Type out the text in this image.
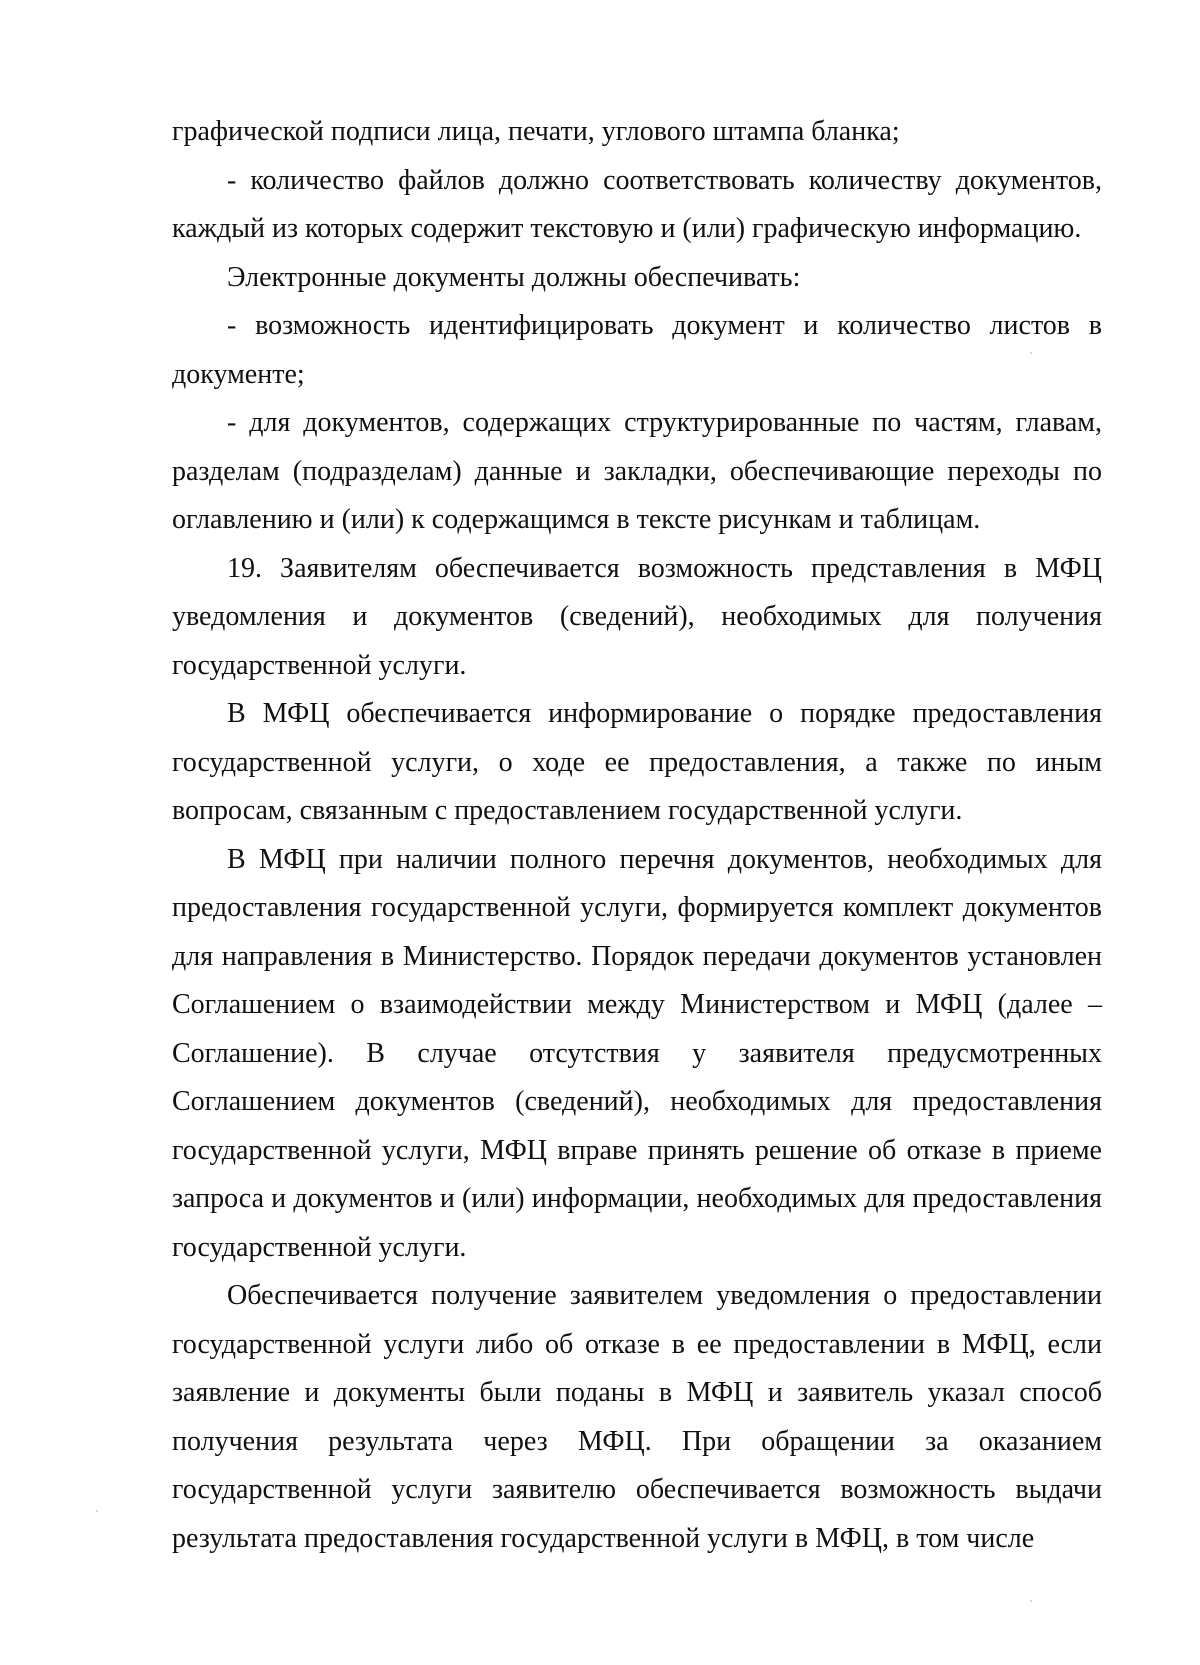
графической подписи лица, печати, углового штампа бланка;

- количество файлов должно соответствовать количеству документов, каждый из которых содержит текстовую и (или) графическую информацию.

Электронные документы должны обеспечивать:

- возможность идентифицировать документ и количество листов в документе;

- для документов, содержащих структурированные по частям, главам, разделам (подразделам) данные и закладки, обеспечивающие переходы по оглавлению и (или) к содержащимся в тексте рисункам и таблицам.

19. Заявителям обеспечивается возможность представления в МФЦ уведомления и документов (сведений), необходимых для получения государственной услуги.

В МФЦ обеспечивается информирование о порядке предоставления государственной услуги, о ходе ее предоставления, а также по иным вопросам, связанным с предоставлением государственной услуги.

В МФЦ при наличии полного перечня документов, необходимых для предоставления государственной услуги, формируется комплект документов для направления в Министерство. Порядок передачи документов установлен Соглашением о взаимодействии между Министерством и МФЦ (далее – Соглашение). В случае отсутствия у заявителя предусмотренных Соглашением документов (сведений), необходимых для предоставления государственной услуги, МФЦ вправе принять решение об отказе в приеме запроса и документов и (или) информации, необходимых для предоставления государственной услуги.

Обеспечивается получение заявителем уведомления о предоставлении государственной услуги либо об отказе в ее предоставлении в МФЦ, если заявление и документы были поданы в МФЦ и заявитель указал способ получения результата через МФЦ. При обращении за оказанием государственной услуги заявителю обеспечивается возможность выдачи результата предоставления государственной услуги в МФЦ, в том числе
